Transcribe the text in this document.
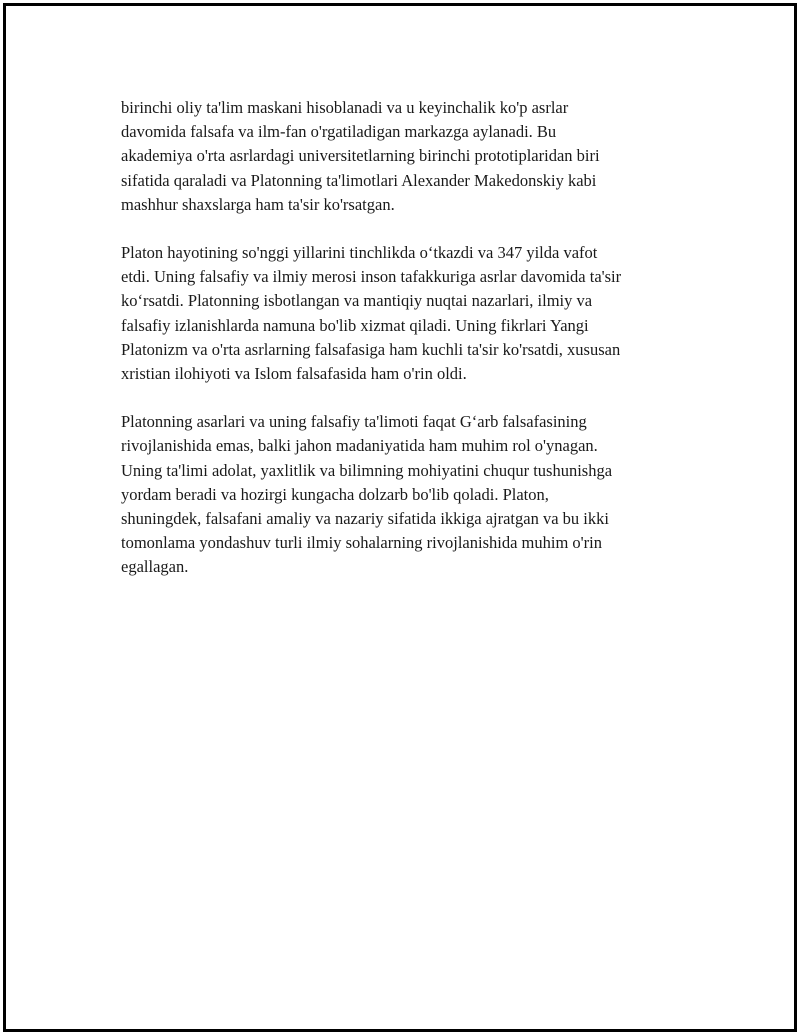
birinchi oliy ta'lim maskani hisoblanadi va u keyinchalik ko'p asrlar
davomida falsafa va ilm-fan o'rgatiladigan markazga aylanadi. Bu
akademiya o'rta asrlardagi universitetlarning birinchi prototiplaridan biri
sifatida qaraladi va Platonning ta'limotlari Alexander Makedonskiy kabi
mashhur shaxslarga ham ta'sir ko'rsatgan.

Platon hayotining so'nggi yillarini tinchlikda o‘tkazdi va 347 yilda vafot
etdi. Uning falsafiy va ilmiy merosi inson tafakkuriga asrlar davomida ta'sir
ko‘rsatdi. Platonning isbotlangan va mantiqiy nuqtai nazarlari, ilmiy va
falsafiy izlanishlarda namuna bo'lib xizmat qiladi. Uning fikrlari Yangi
Platonizm va o'rta asrlarning falsafasiga ham kuchli ta'sir ko'rsatdi, xususan
xristian ilohiyoti va Islom falsafasida ham o'rin oldi.

Platonning asarlari va uning falsafiy ta'limoti faqat G‘arb falsafasining
rivojlanishida emas, balki jahon madaniyatida ham muhim rol o'ynagan.
Uning ta'limi adolat, yaxlitlik va bilimning mohiyatini chuqur tushunishga
yordam beradi va hozirgi kungacha dolzarb bo'lib qoladi. Platon,
shuningdek, falsafani amaliy va nazariy sifatida ikkiga ajratgan va bu ikki
tomonlama yondashuv turli ilmiy sohalarning rivojlanishida muhim o'rin
egallagan.
